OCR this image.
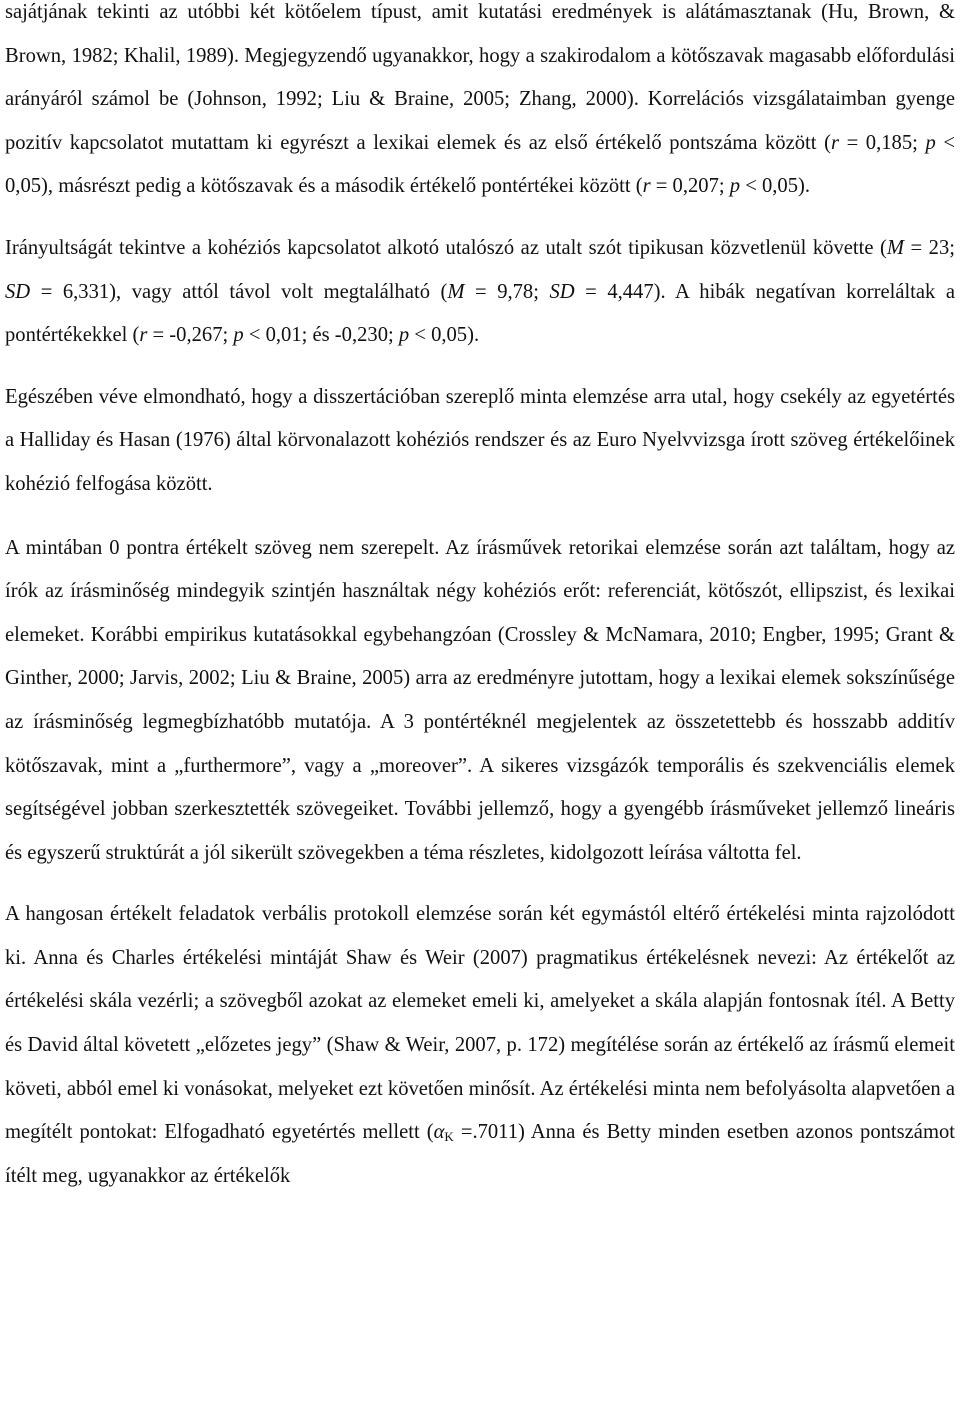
sajátjának tekinti az utóbbi két kötőelem típust, amit kutatási eredmények is alátámasztanak (Hu, Brown, & Brown, 1982; Khalil, 1989). Megjegyzendő ugyanakkor, hogy a szakirodalom a kötőszavak magasabb előfordulási arányáról számol be (Johnson, 1992; Liu & Braine, 2005; Zhang, 2000). Korrelációs vizsgálataimban gyenge pozitív kapcsolatot mutattam ki egyrészt a lexikai elemek és az első értékelő pontszáma között (r = 0,185; p < 0,05), másrészt pedig a kötőszavak és a második értékelő pontértékei között (r = 0,207; p < 0,05).

Irányultságát tekintve a kohéziós kapcsolatot alkotó utalószó az utalt szót tipikusan közvetlenül követte (M = 23; SD = 6,331), vagy attól távol volt megtalálható (M = 9,78; SD = 4,447). A hibák negatívan korreláltak a pontértékekkel (r = -0,267; p < 0,01; és -0,230; p < 0,05).

Egészében véve elmondható, hogy a disszertációban szereplő minta elemzése arra utal, hogy csekély az egyetértés a Halliday és Hasan (1976) által körvonalazott kohéziós rendszer és az Euro Nyelvvizsga írott szöveg értékelőinek kohézió felfogása között.

A mintában 0 pontra értékelt szöveg nem szerepelt. Az írásművek retorikai elemzése során azt találtam, hogy az írók az írásminőség mindegyik szintjén használtak négy kohéziós erőt: referenciát, kötőszót, ellipszist, és lexikai elemeket. Korábbi empirikus kutatásokkal egybehangzóan (Crossley & McNamara, 2010; Engber, 1995; Grant & Ginther, 2000; Jarvis, 2002; Liu & Braine, 2005) arra az eredményre jutottam, hogy a lexikai elemek sokszínűsége az írásminőség legmegbízhatóbb mutatója. A 3 pontértéknél megjelentek az összetettebb és hosszabb additív kötőszavak, mint a „furthermore”, vagy a „moreover”. A sikeres vizsgázók temporális és szekvenciális elemek segítségével jobban szerkesztették szövegeiket. További jellemző, hogy a gyengébb írásműveket jellemző lineáris és egyszerű struktúrát a jól sikerült szövegekben a téma részletes, kidolgozott leírása váltotta fel.

A hangosan értékelt feladatok verbális protokoll elemzése során két egymástól eltérő értékelési minta rajzolódott ki. Anna és Charles értékelési mintáját Shaw és Weir (2007) pragmatikus értékelésnek nevezi: Az értékelőt az értékelési skála vezérli; a szövegből azokat az elemeket emeli ki, amelyeket a skála alapján fontosnak ítél. A Betty és David által követett „előzetes jegy” (Shaw & Weir, 2007, p. 172) megítélése során az értékelő az írásmű elemeit követi, abból emel ki vonásokat, melyeket ezt követően minősít. Az értékelési minta nem befolyásolta alapvetően a megítélt pontokat: Elfogadható egyetértés mellett $(\alpha_K =.7011)$ Anna és Betty minden esetben azonos pontszámot ítélt meg, ugyanakkor az értékelők
